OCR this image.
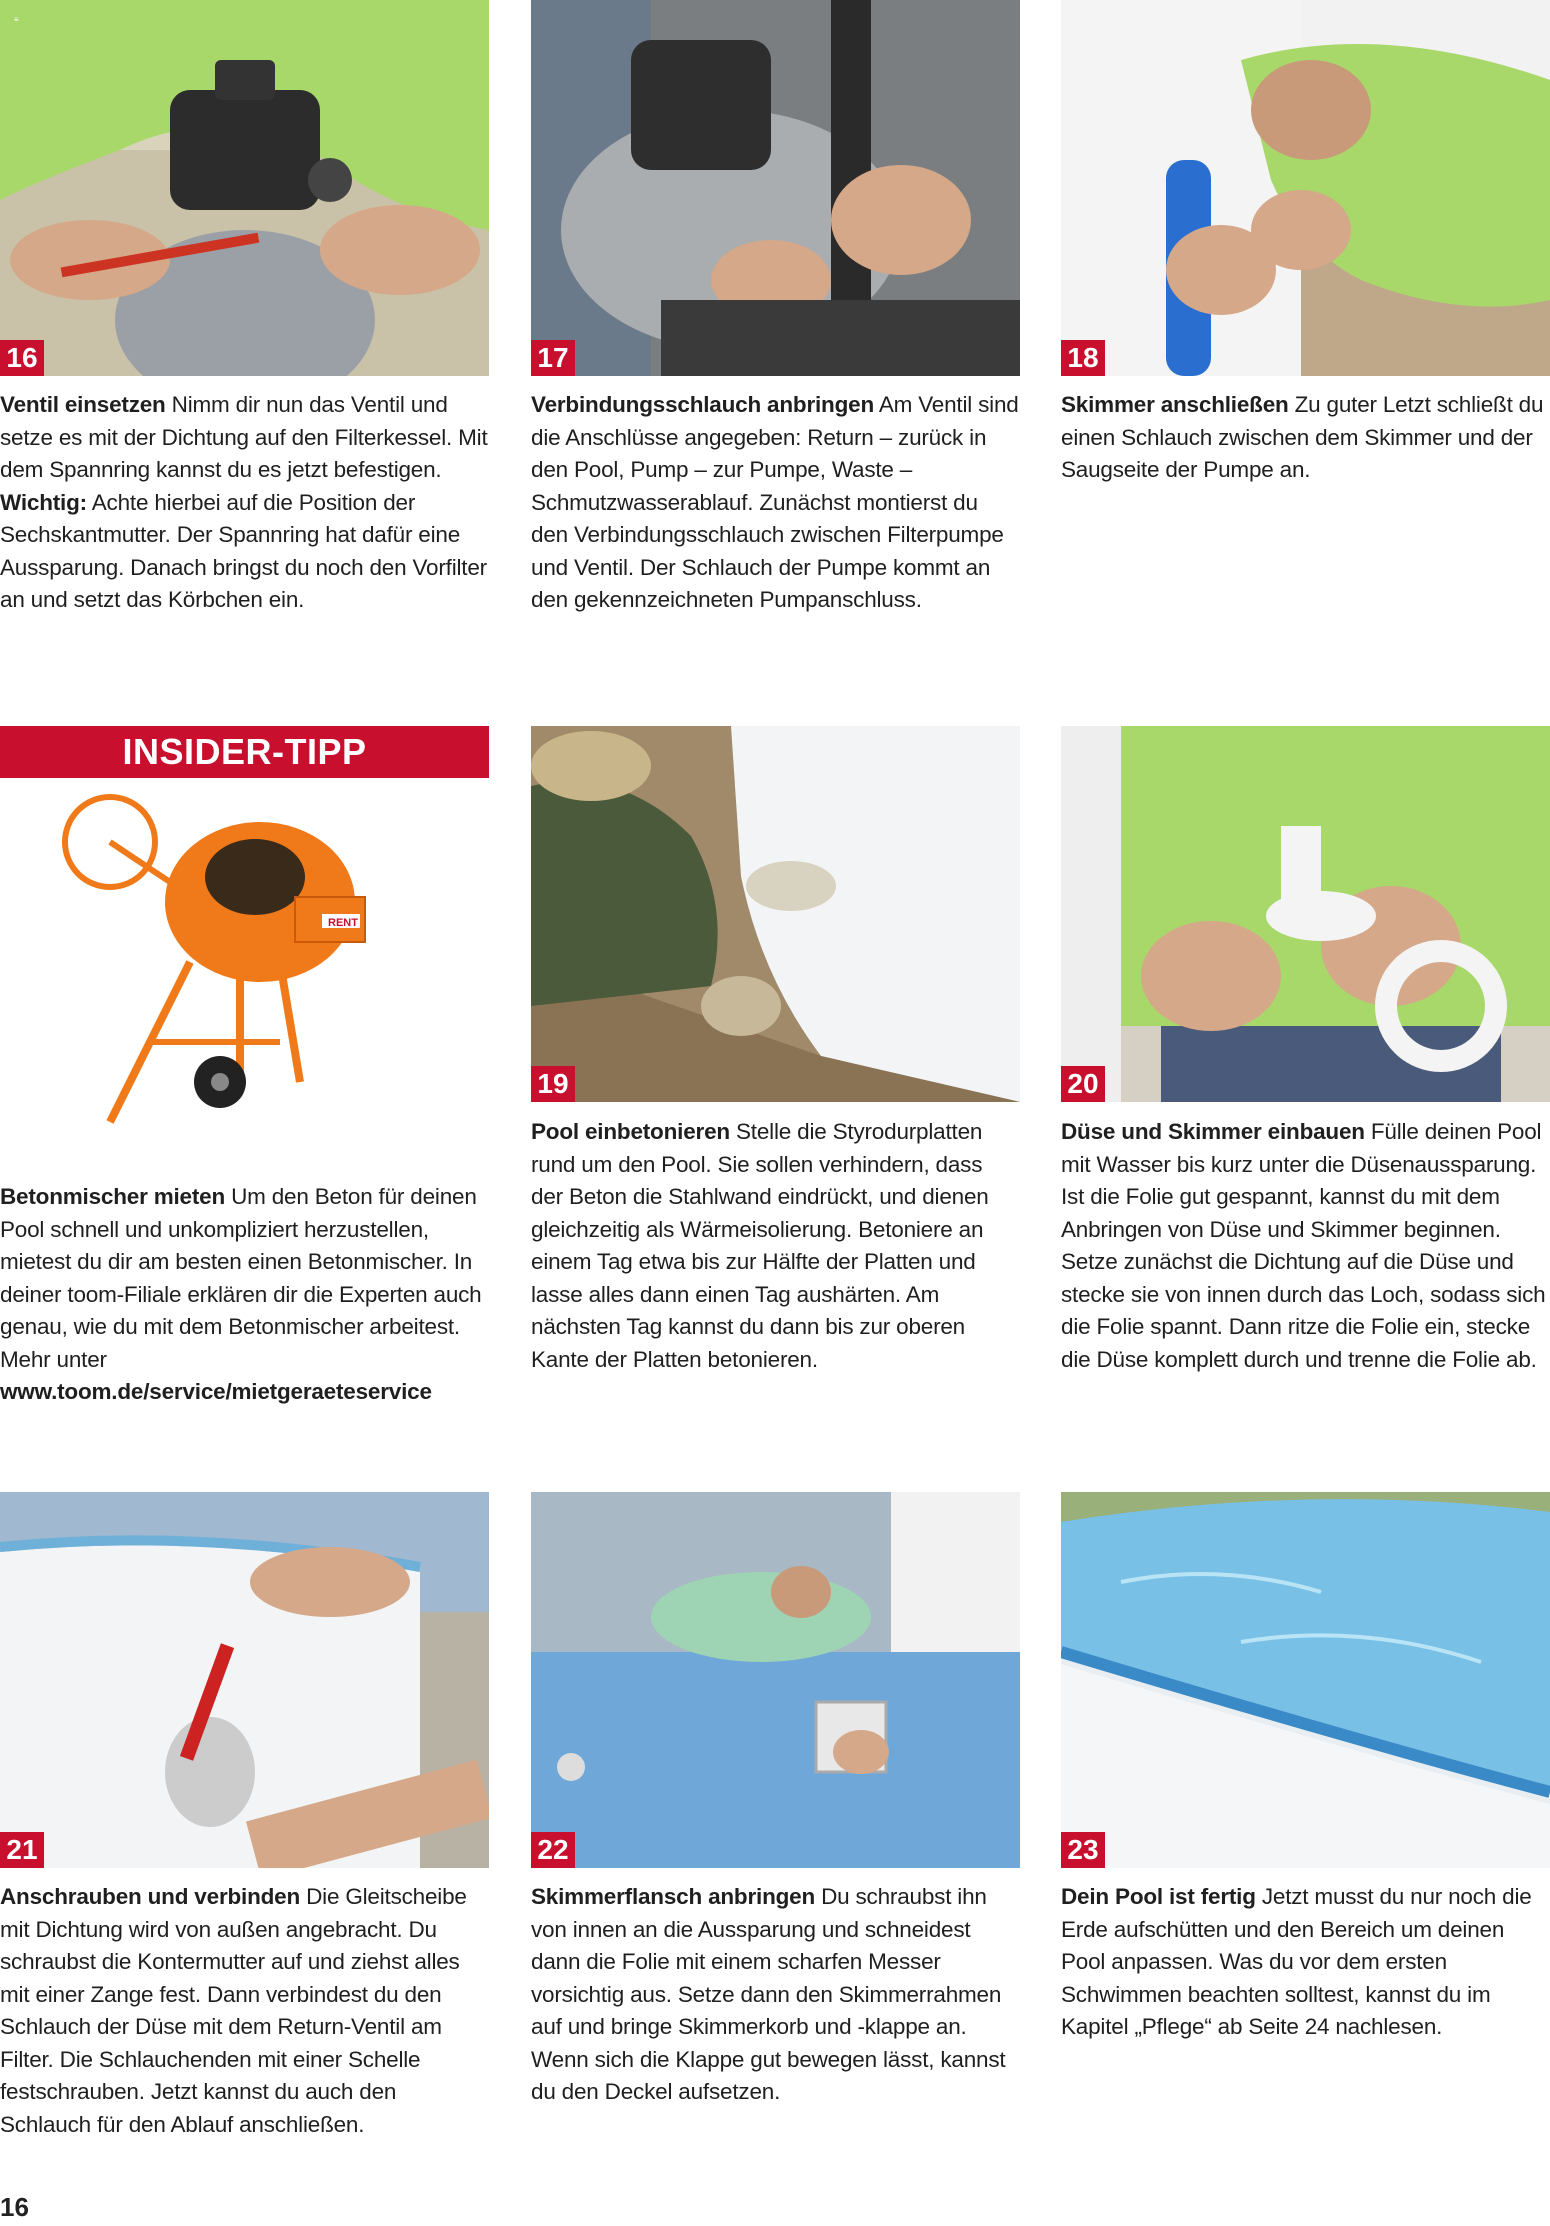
16
≡
17	18
Ventil einsetzen Nimm dir nun das Ventil und setze es mit der Dichtung auf den Filterkessel. Mit dem Spannring kannst du es jetzt befestigen. Wichtig: Achte hierbei auf die Position der Sechskantmutter. Der Spannring hat dafür eine Aussparung. Danach bringst du noch den Vorfilter an und setzt das Körbchen ein.
Verbindungsschlauch anbringen Am Ventil sind die Anschlüsse angegeben: Return – zurück in den Pool, Pump – zur Pumpe, Waste – Schmutzwasserablauf. Zunächst montierst du den Verbindungsschlauch zwischen Filterpumpe und Ventil. Der Schlauch der Pumpe kommt an den gekennzeichneten Pumpanschluss.
Skimmer anschließen Zu guter Letzt schließt du einen Schlauch zwischen dem Skimmer und der Saugseite der Pumpe an.
INSIDER-TIPP
RENT
Betonmischer mieten Um den Beton für deinen Pool schnell und unkompliziert herzustellen, mietest du dir am besten einen Betonmischer. In deiner toom-Filiale erklären dir die Experten auch genau, wie du mit dem Betonmischer arbeitest. Mehr unter www.toom.de/service/mietgeraeteservice
19	20
Pool einbetonieren Stelle die Styrodurplatten rund um den Pool. Sie sollen verhindern, dass der Beton die Stahlwand eindrückt, und dienen gleichzeitig als Wärmeisolierung. Betoniere an einem Tag etwa bis zur Hälfte der Platten und lasse alles dann einen Tag aushärten. Am nächsten Tag kannst du dann bis zur oberen Kante der Platten betonieren.
Düse und Skimmer einbauen Fülle deinen Pool mit Wasser bis kurz unter die Düsenaussparung. Ist die Folie gut gespannt, kannst du mit dem Anbringen von Düse und Skimmer beginnen. Setze zunächst die Dichtung auf die Düse und stecke sie von innen durch das Loch, sodass sich die Folie spannt. Dann ritze die Folie ein, stecke die Düse komplett durch und trenne die Folie ab.
21	22	23
Anschrauben und verbinden Die Gleitscheibe mit Dichtung wird von außen angebracht. Du schraubst die Kontermutter auf und ziehst alles mit einer Zange fest. Dann verbindest du den Schlauch der Düse mit dem Return-Ventil am Filter. Die Schlauchenden mit einer Schelle festschrauben. Jetzt kannst du auch den Schlauch für den Ablauf anschließen.
Skimmerflansch anbringen Du schraubst ihn von innen an die Aussparung und schneidest dann die Folie mit einem scharfen Messer vorsichtig aus. Setze dann den Skimmerrahmen auf und bringe Skimmerkorb und -klappe an. Wenn sich die Klappe gut bewegen lässt, kannst du den Deckel aufsetzen.
Dein Pool ist fertig Jetzt musst du nur noch die Erde aufschütten und den Bereich um deinen Pool anpassen. Was du vor dem ersten Schwimmen beachten solltest, kannst du im Kapitel „Pflege“ ab Seite 24 nachlesen.
16
